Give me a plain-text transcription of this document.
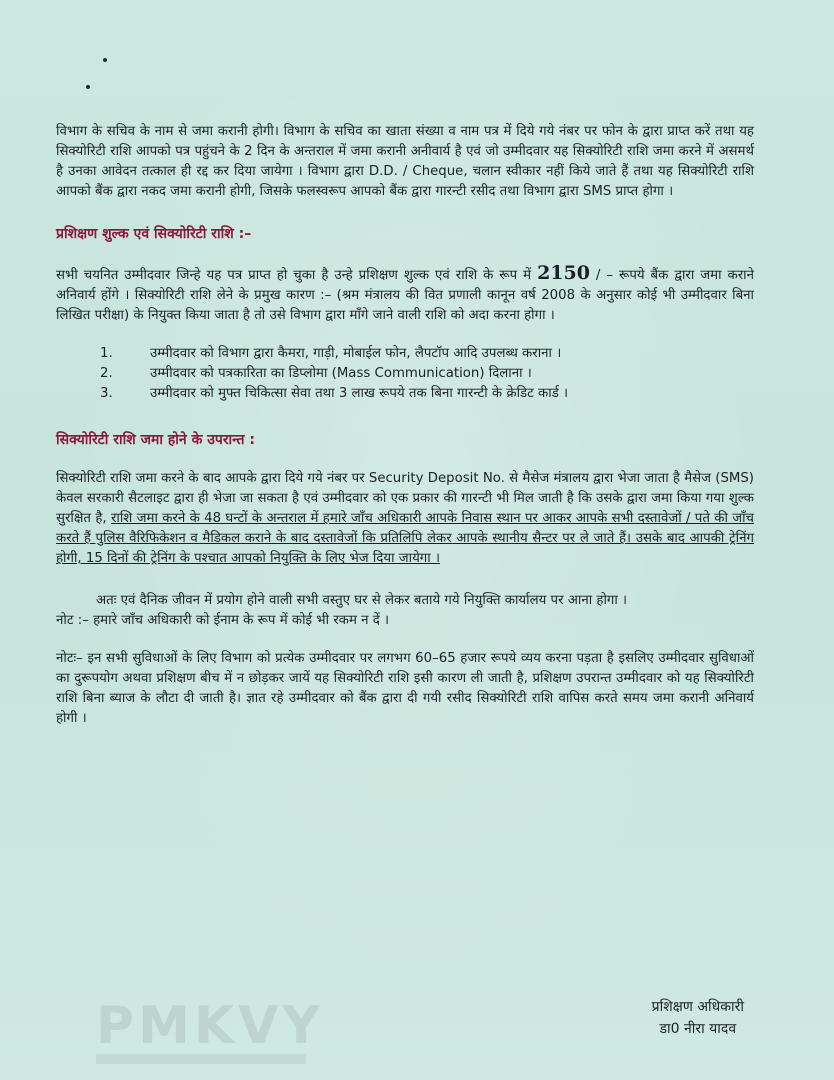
PMKVY

विभाग के सचिव के नाम से जमा करानी होगी। विभाग के सचिव का खाता संख्या व नाम पत्र में दिये गये नंबर पर फोन के द्वारा प्राप्त करें तथा यह सिक्योरिटी राशि आपको पत्र पहुंचने के 2 दिन के अन्तराल में जमा करानी अनीवार्य है एवं जो उम्मीदवार यह सिक्योरिटी राशि जमा करने में असमर्थ है उनका आवेदन तत्काल ही रद्द कर दिया जायेगा । विभाग द्वारा D.D. / Cheque, चलान स्वीकार नहीं किये जाते हैं तथा यह सिक्योरिटी राशि आपको बैंक द्वारा नकद जमा करानी होगी, जिसके फलस्वरूप आपको बैंक द्वारा गारन्टी रसीद तथा विभाग द्वारा SMS प्राप्त होगा ।

प्रशिक्षण शुल्क एवं सिक्योरिटी राशि :–

सभी चयनित उम्मीदवार जिन्हे यह पत्र प्राप्त हो चुका है उन्हे प्रशिक्षण शुल्क एवं राशि के रूप में 2150 / – रूपये बैंक द्वारा जमा कराने अनिवार्य होंगे । सिक्योरिटी राशि लेने के प्रमुख कारण :– (श्रम मंत्रालय की वित प्रणाली कानून वर्ष 2008 के अनुसार कोई भी उम्मीदवार बिना लिखित परीक्षा) के नियुक्त किया जाता है तो उसे विभाग द्वारा माँगे जाने वाली राशि को अदा करना होगा ।

1.	उम्मीदवार को विभाग द्वारा कैमरा, गाड़ी, मोबाईल फोन, लैपटॉप आदि उपलब्ध कराना ।
2.	उम्मीदवार को पत्रकारिता का डिप्लोमा (Mass Communication) दिलाना ।
3.	उम्मीदवार को मुफ्त चिकित्सा सेवा तथा 3 लाख रूपये तक बिना गारन्टी के क्रेडिट कार्ड ।
सिक्योरिटी राशि जमा होने के उपरान्त :

सिक्योरिटी राशि जमा करने के बाद आपके द्वारा दिये गये नंबर पर Security Deposit No. से मैसेज मंत्रालय द्वारा भेजा जाता है मैसेज (SMS) केवल सरकारी सैटलाइट द्वारा ही भेजा जा सकता है एवं उम्मीदवार को एक प्रकार की गारन्टी भी मिल जाती है कि उसके द्वारा जमा किया गया शुल्क सुरक्षित है, राशि जमा करने के 48 घन्टों के अन्तराल में हमारे जाँच अधिकारी आपके निवास स्थान पर आकर आपके सभी दस्तावेजों / पते की जाँच करते हैं पुलिस वैरिफिकेशन व मैडिकल कराने के बाद दस्तावेजों कि प्रतिलिपि लेकर आपके स्थानीय सैन्टर पर ले जाते हैं। उसके बाद आपकी ट्रेनिंग होगी, 15 दिनों की ट्रेनिंग के पश्चात आपको नियुक्ति के लिए भेज दिया जायेगा ।

अतः एवं दैनिक जीवन में प्रयोग होने वाली सभी वस्तुए घर से लेकर बताये गये नियुक्ति कार्यालय पर आना होगा ।

नोट :– हमारे जाँच अधिकारी को ईनाम के रूप में कोई भी रकम न दें ।

नोटः– इन सभी सुविधाओं के लिए विभाग को प्रत्येक उम्मीदवार पर लगभग 60–65 हजार रूपये व्यय करना पड़ता है इसलिए उम्मीदवार सुविधाओं का दुरूपयोग अथवा प्रशिक्षण बीच में न छोड़कर जायें यह सिक्योरिटी राशि इसी कारण ली जाती है, प्रशिक्षण उपरान्त उम्मीदवार को यह सिक्योरिटी राशि बिना ब्याज के लौटा दी जाती है। ज्ञात रहे उम्मीदवार को बैंक द्वारा दी गयी रसीद सिक्योरिटी राशि वापिस करते समय जमा करानी अनिवार्य होगी ।

प्रशिक्षण अधिकारी
डा0 नीरा यादव
